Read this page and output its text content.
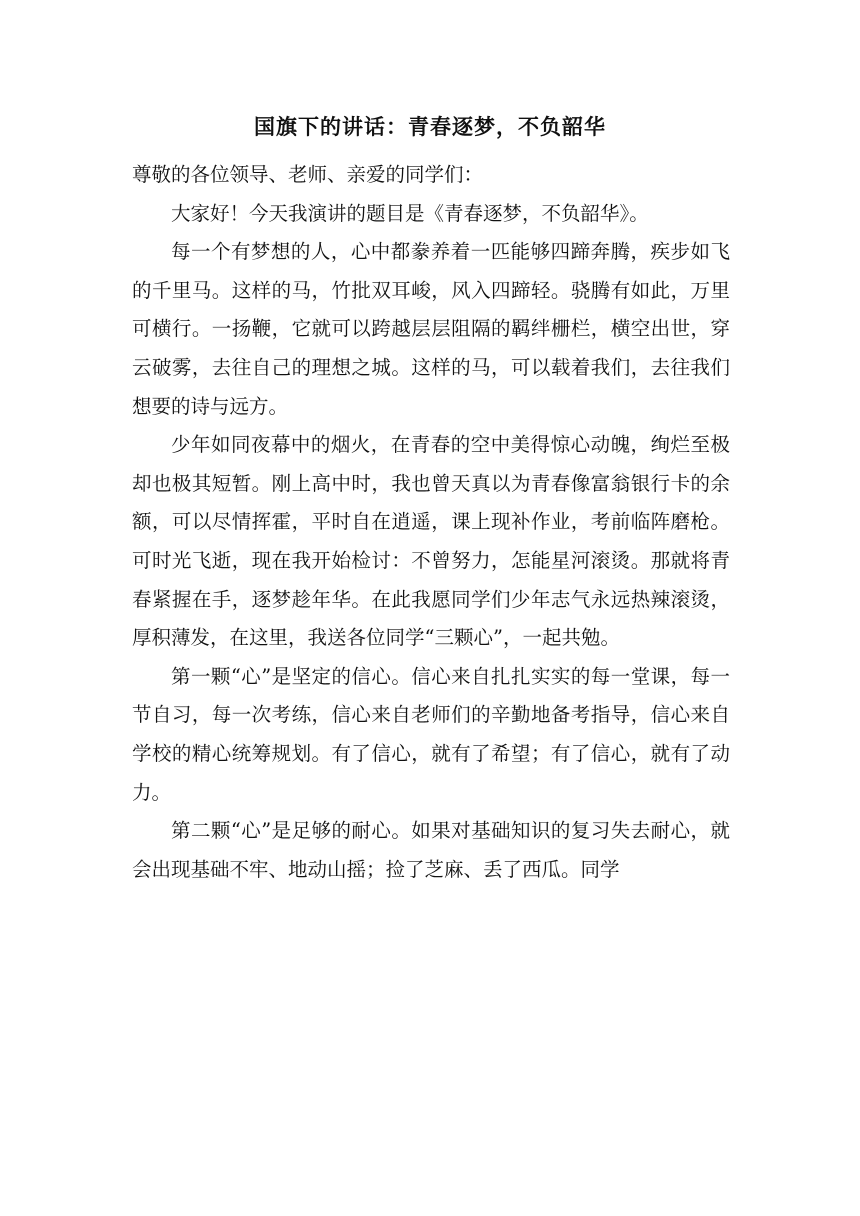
国旗下的讲话：青春逐梦，不负韶华

尊敬的各位领导、老师、亲爱的同学们：

大家好！今天我演讲的题目是《青春逐梦，不负韶华》。

每一个有梦想的人，心中都豢养着一匹能够四蹄奔腾，疾步如飞的千里马。这样的马，竹批双耳峻，风入四蹄轻。骁腾有如此，万里可横行。一扬鞭，它就可以跨越层层阻隔的羁绊栅栏，横空出世，穿云破雾，去往自己的理想之城。这样的马，可以载着我们，去往我们想要的诗与远方。

少年如同夜幕中的烟火，在青春的空中美得惊心动魄，绚烂至极却也极其短暂。刚上高中时，我也曾天真以为青春像富翁银行卡的余额，可以尽情挥霍，平时自在逍遥，课上现补作业，考前临阵磨枪。可时光飞逝，现在我开始检讨：不曾努力，怎能星河滚烫。那就将青春紧握在手，逐梦趁年华。在此我愿同学们少年志气永远热辣滚烫，厚积薄发，在这里，我送各位同学“三颗心”，一起共勉。

第一颗“心”是坚定的信心。信心来自扎扎实实的每一堂课，每一节自习，每一次考练，信心来自老师们的辛勤地备考指导，信心来自学校的精心统筹规划。有了信心，就有了希望；有了信心，就有了动力。

第二颗“心”是足够的耐心。如果对基础知识的复习失去耐心，就会出现基础不牢、地动山摇；捡了芝麻、丢了西瓜。同学
